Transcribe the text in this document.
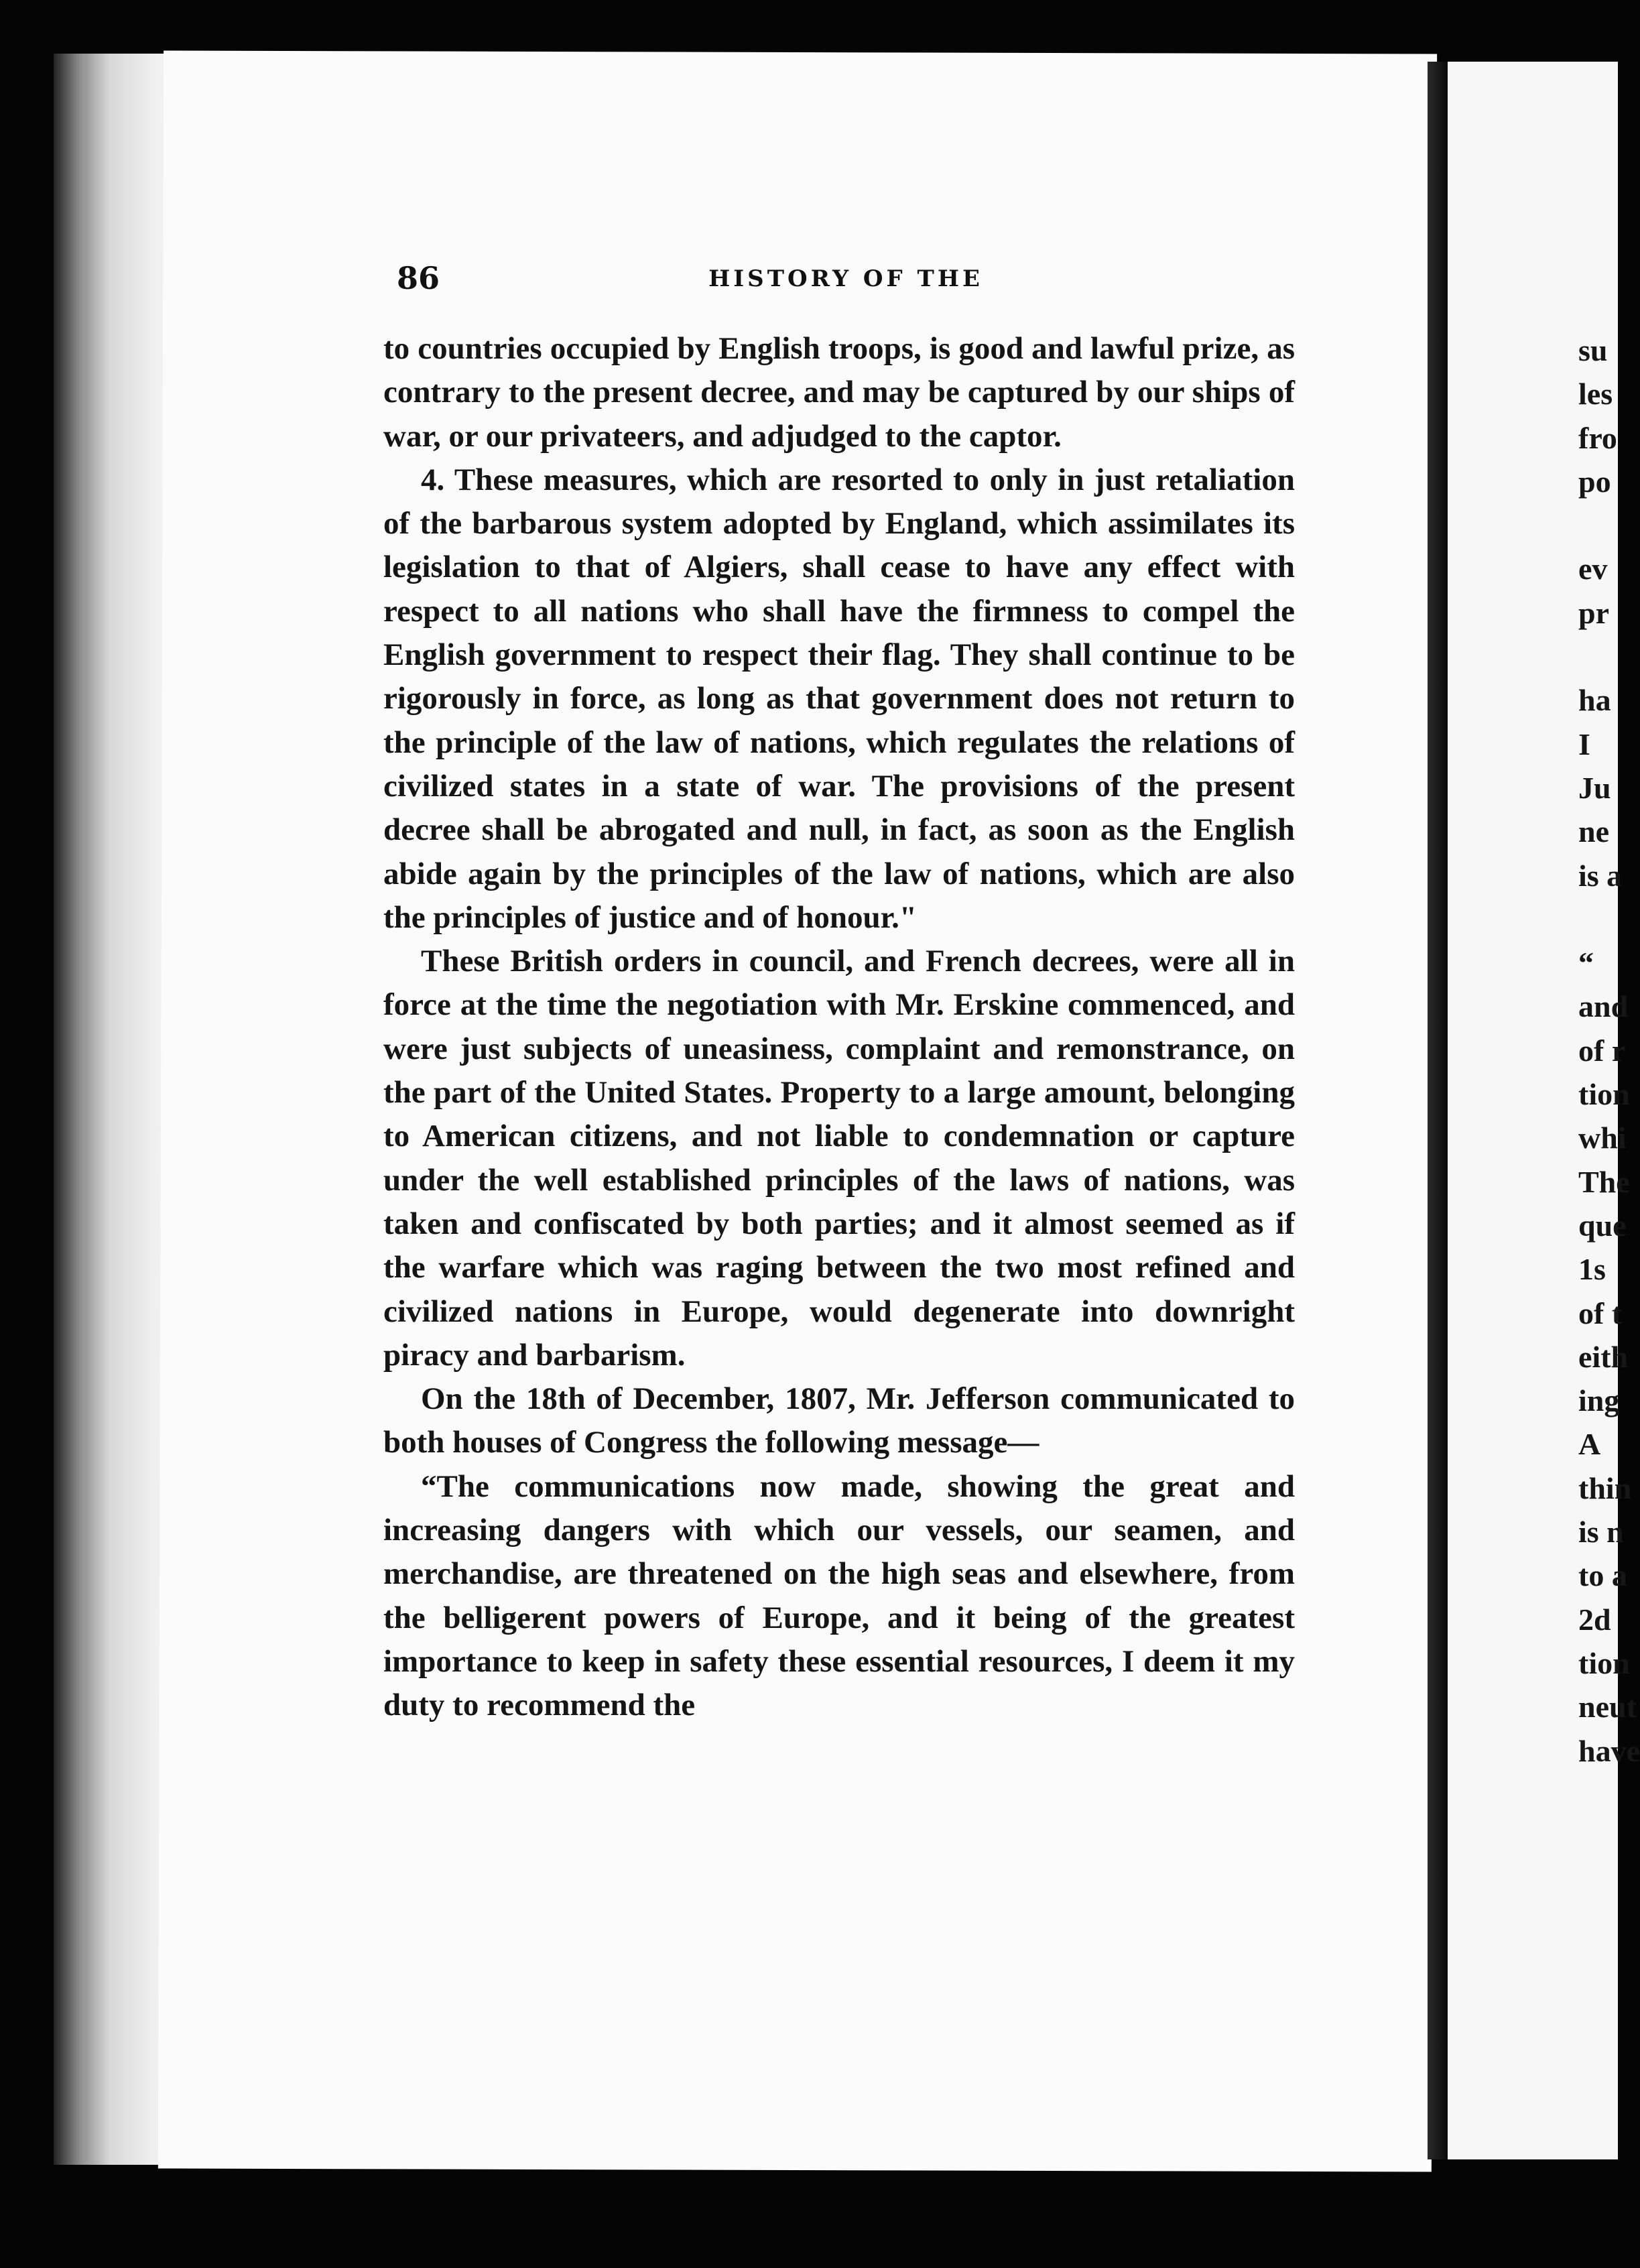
86	HISTORY OF THE

to countries occupied by English troops, is good and lawful prize, as contrary to the present decree, and may be captured by our ships of war, or our privateers, and adjudged to the captor.

4. These measures, which are resorted to only in just retaliation of the barbarous system adopted by England, which assimilates its legislation to that of Algiers, shall cease to have any effect with respect to all nations who shall have the firmness to compel the English government to respect their flag. They shall continue to be rigorously in force, as long as that government does not return to the principle of the law of nations, which regulates the relations of civilized states in a state of war. The provisions of the present decree shall be abrogated and null, in fact, as soon as the English abide again by the principles of the law of nations, which are also the principles of justice and of honour."

These British orders in council, and French decrees, were all in force at the time the negotiation with Mr. Erskine commenced, and were just subjects of uneasiness, complaint and remonstrance, on the part of the United States. Property to a large amount, belonging to American citizens, and not liable to condemnation or capture under the well established principles of the laws of nations, was taken and confiscated by both parties; and it almost seemed as if the warfare which was raging between the two most refined and civilized nations in Europe, would degenerate into downright piracy and barbarism.

On the 18th of December, 1807, Mr. Jefferson communicated to both houses of Congress the following message—

“The communications now made, showing the great and increasing dangers with which our vessels, our seamen, and merchandise, are threatened on the high seas and elsewhere, from the belligerent powers of Europe, and it being of the greatest importance to keep in safety these essential resources, I deem it my duty to recommend the

su
les
fro
po

ev
pr

ha
I
Ju
ne
is a

“
and
of r
tion
whi
The
que
1s
of t
eith
ing
A
thin
is n
to a
2d
tion
neut
have
